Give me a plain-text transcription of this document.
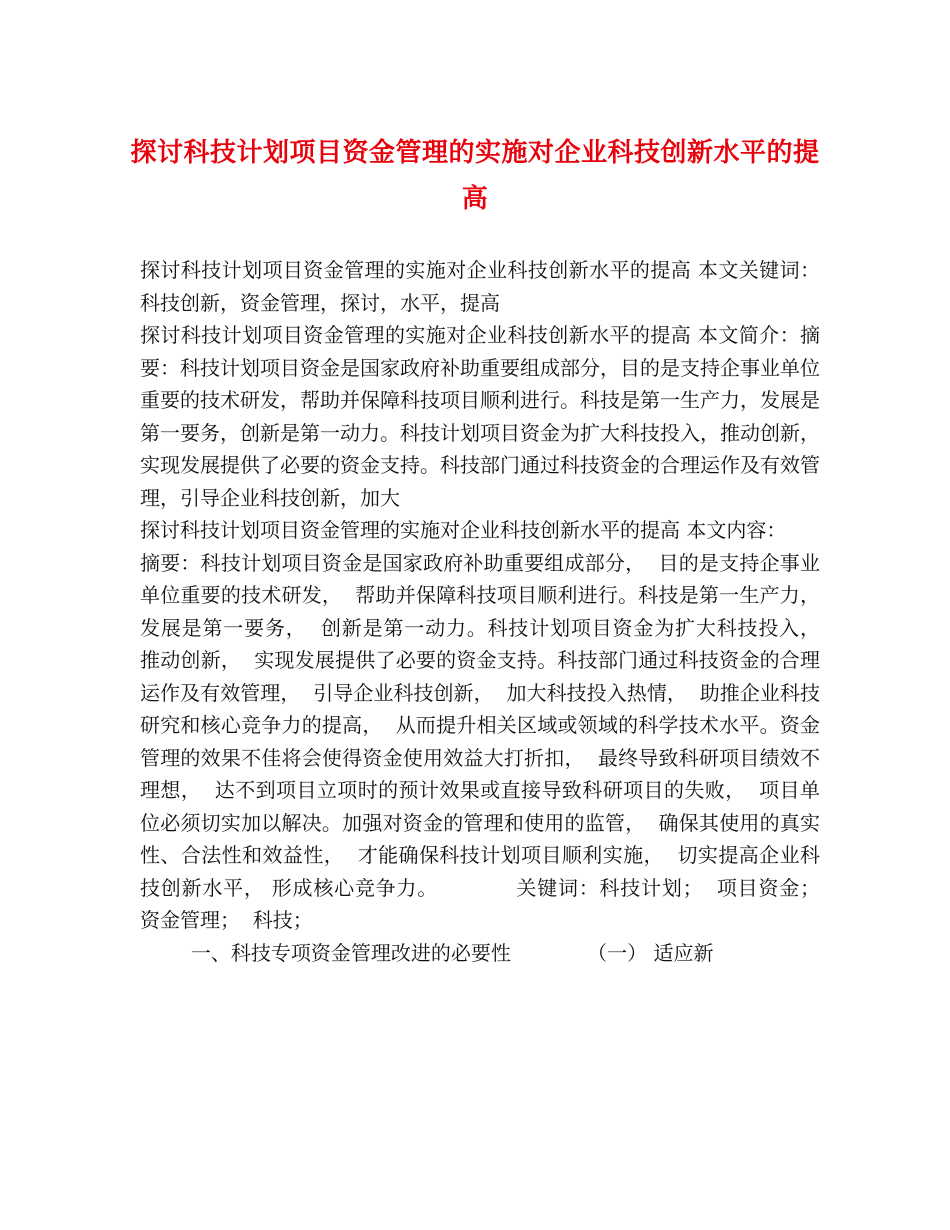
探讨科技计划项目资金管理的实施对企业科技创新水平的提高

探讨科技计划项目资金管理的实施对企业科技创新水平的提高 本文关键词：科技创新，资金管理，探讨，水平，提高

探讨科技计划项目资金管理的实施对企业科技创新水平的提高 本文简介：摘要：科技计划项目资金是国家政府补助重要组成部分，目的是支持企事业单位重要的技术研发，帮助并保障科技项目顺利进行。科技是第一生产力，发展是第一要务，创新是第一动力。科技计划项目资金为扩大科技投入，推动创新，实现发展提供了必要的资金支持。科技部门通过科技资金的合理运作及有效管理，引导企业科技创新，加大

探讨科技计划项目资金管理的实施对企业科技创新水平的提高 本文内容：

摘要：科技计划项目资金是国家政府补助重要组成部分，  目的是支持企事业单位重要的技术研发，  帮助并保障科技项目顺利进行。科技是第一生产力，  发展是第一要务，  创新是第一动力。科技计划项目资金为扩大科技投入，  推动创新，  实现发展提供了必要的资金支持。科技部门通过科技资金的合理运作及有效管理，  引导企业科技创新，  加大科技投入热情，  助推企业科技研究和核心竞争力的提高，  从而提升相关区域或领域的科学技术水平。资金管理的效果不佳将会使得资金使用效益大打折扣，  最终导致科研项目绩效不理想，  达不到项目立项时的预计效果或直接导致科研项目的失败，  项目单位必须切实加以解决。加强对资金的管理和使用的监管，  确保其使用的真实性、合法性和效益性，  才能确保科技计划项目顺利实施，  切实提高企业科技创新水平， 形成核心竞争力。           关键词：科技计划；  项目资金；  资金管理；  科技；

一、科技专项资金管理改进的必要性            （一） 适应新
